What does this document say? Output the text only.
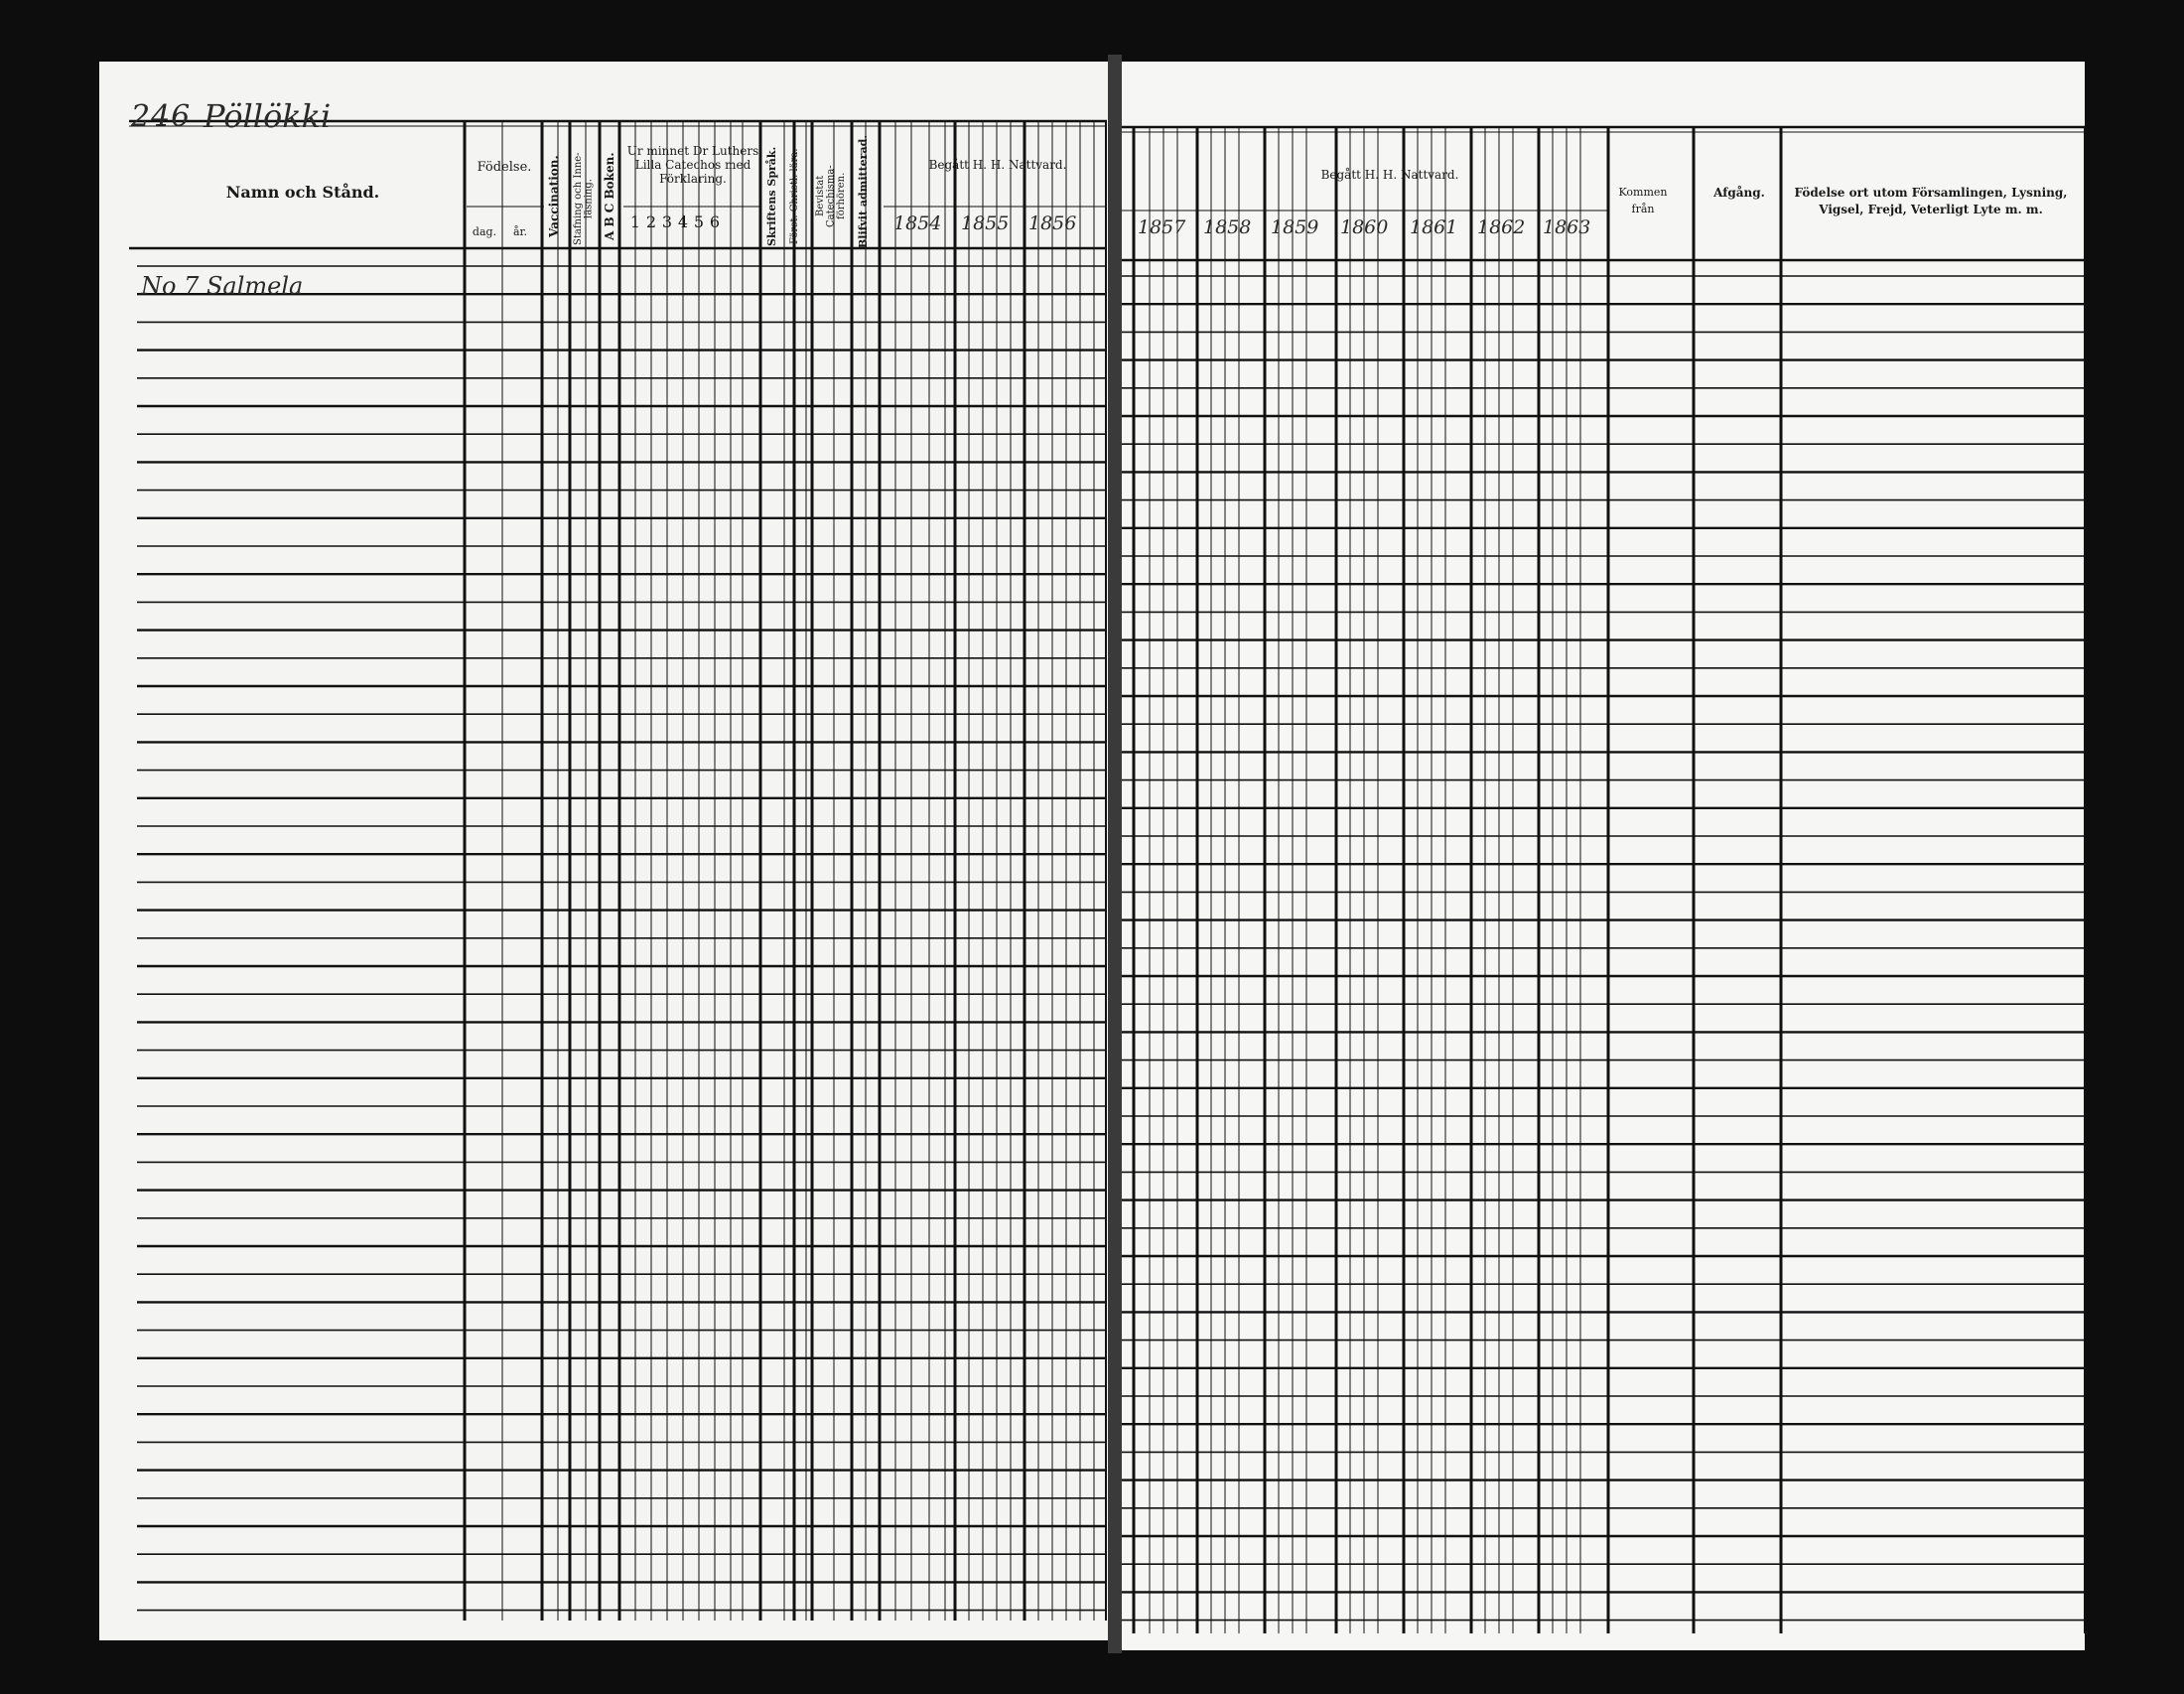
246 Pöllökki
Namn och Stånd.
Födelse.
dag.	år.	Vaccination. Stafning och Inne-läsning. A B C Boken.
Ur minnet Dr Luthers Lilla Catechos med Förklaring.
1 2 3 4 5 6	Skriftens Språk. Först. Christl. lära. Bevistat Catechisma-förhören. Blifvit admitterad.	Begått H. H. Nattvard.
1854 1855 1856
No 7 Salmela
Begått H. H. Nattvard.
1857 1858 1859 1860 1861 1862 1863
Kommen från
Afgång.	Födelse ort utom Församlingen, Lysning, Vigsel, Frejd, Veterligt Lyte m. m.
